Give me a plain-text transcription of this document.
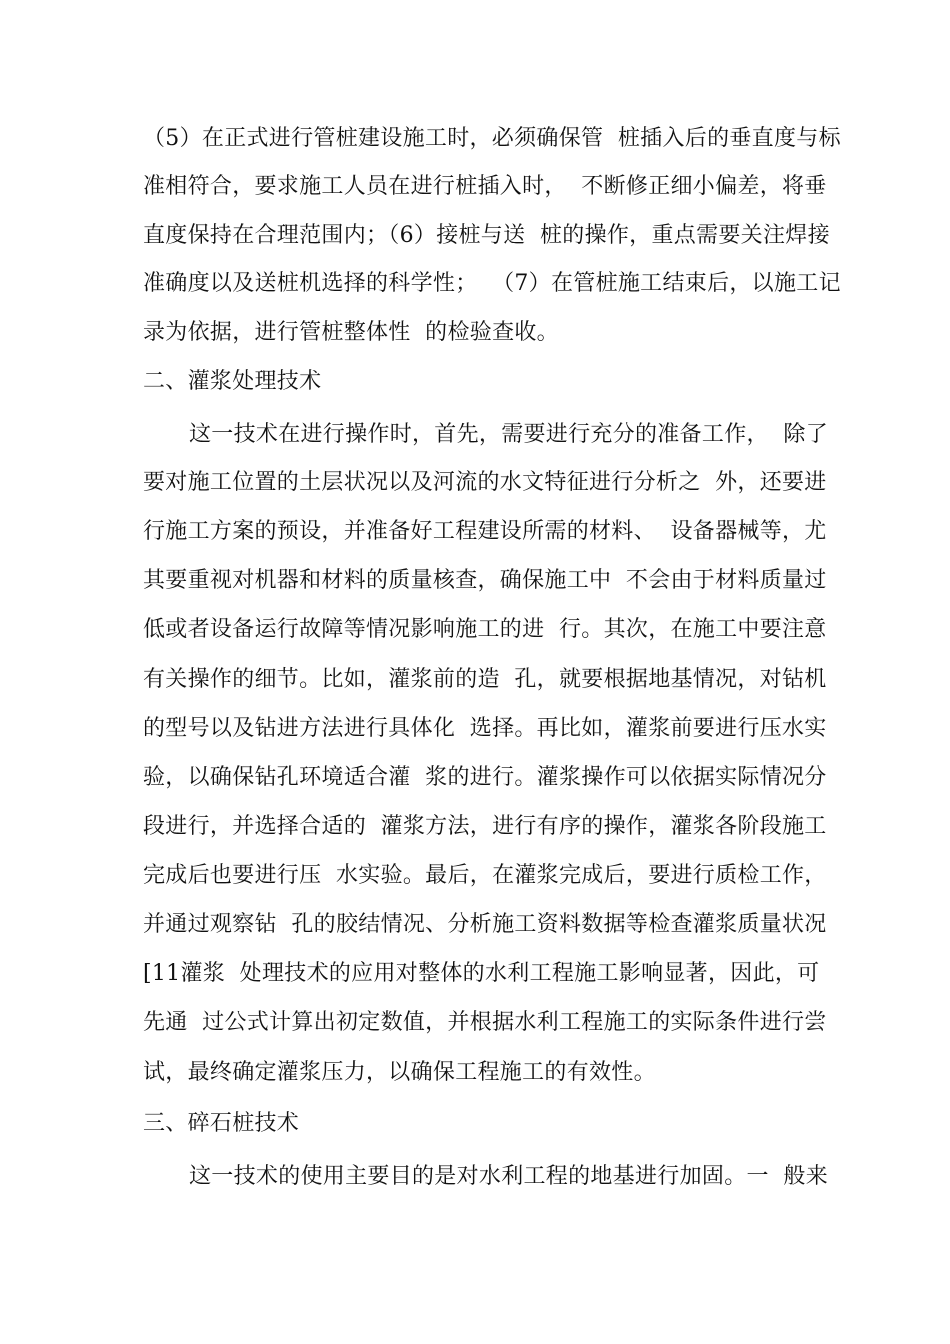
（5）在正式进行管桩建设施工时，必须确保管  桩插入后的垂直度与标
准相符合，要求施工人员在进行桩插入时，  不断修正细小偏差，将垂
直度保持在合理范围内；（6）接桩与送  桩的操作，重点需要关注焊接
准确度以及送桩机选择的科学性；  （7）在管桩施工结束后，以施工记
录为依据，进行管桩整体性  的检验查收。
二、灌浆处理技术
这一技术在进行操作时，首先，需要进行充分的准备工作，  除了
要对施工位置的土层状况以及河流的水文特征进行分析之  外，还要进
行施工方案的预设，并准备好工程建设所需的材料、  设备器械等，尤
其要重视对机器和材料的质量核查，确保施工中  不会由于材料质量过
低或者设备运行故障等情况影响施工的进  行。其次，在施工中要注意
有关操作的细节。比如，灌浆前的造  孔，就要根据地基情况，对钻机
的型号以及钻进方法进行具体化  选择。再比如，灌浆前要进行压水实
验，以确保钻孔环境适合灌  浆的进行。灌浆操作可以依据实际情况分
段进行，并选择合适的  灌浆方法，进行有序的操作，灌浆各阶段施工
完成后也要进行压  水实验。最后，在灌浆完成后，要进行质检工作，
并通过观察钻  孔的胶结情况、分析施工资料数据等检查灌浆质量状况
[11灌浆  处理技术的应用对整体的水利工程施工影响显著，因此，可
先通  过公式计算出初定数值，并根据水利工程施工的实际条件进行尝
试，最终确定灌浆压力，以确保工程施工的有效性。
三、碎石桩技术
这一技术的使用主要目的是对水利工程的地基进行加固。一  般来
